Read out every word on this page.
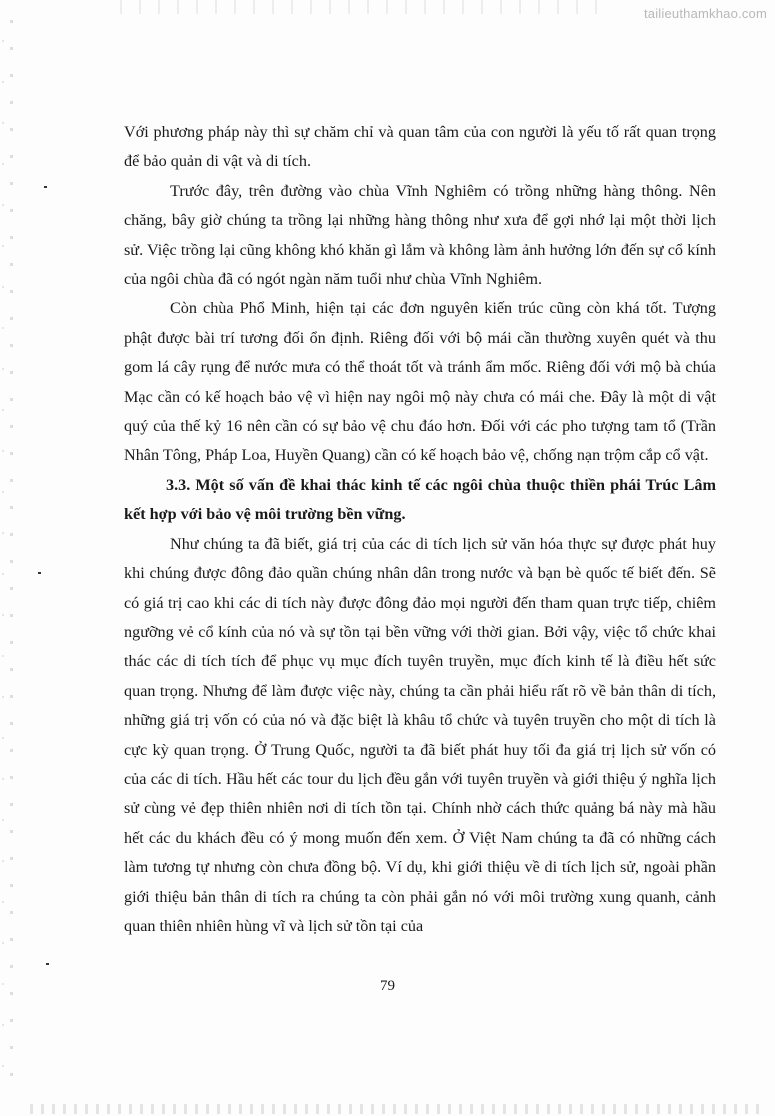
tailieuthamkhao.com

Với phương pháp này thì sự chăm chỉ và quan tâm của con người là yếu tố rất quan trọng để bảo quản di vật và di tích.

Trước đây, trên đường vào chùa Vĩnh Nghiêm có trồng những hàng thông. Nên chăng, bây giờ chúng ta trồng lại những hàng thông như xưa để gợi nhớ lại một thời lịch sử. Việc trồng lại cũng không khó khăn gì lắm và không làm ảnh hưởng lớn đến sự cổ kính của ngôi chùa đã có ngót ngàn năm tuổi như chùa Vĩnh Nghiêm.

Còn chùa Phổ Minh, hiện tại các đơn nguyên kiến trúc cũng còn khá tốt. Tượng phật được bài trí tương đối ổn định. Riêng đối với bộ mái cần thường xuyên quét và thu gom lá cây rụng để nước mưa có thể thoát tốt và tránh ẩm mốc. Riêng đối với mộ bà chúa Mạc cần có kế hoạch bảo vệ vì hiện nay ngôi mộ này chưa có mái che. Đây là một di vật quý của thế kỷ 16 nên cần có sự bảo vệ chu đáo hơn. Đối với các pho tượng tam tổ (Trần Nhân Tông, Pháp Loa, Huyền Quang) cần có kế hoạch bảo vệ, chống nạn trộm cắp cổ vật.

3.3. Một số vấn đề khai thác kinh tế các ngôi chùa thuộc thiền phái Trúc Lâm kết hợp với bảo vệ môi trường bền vững.

Như chúng ta đã biết, giá trị của các di tích lịch sử văn hóa thực sự được phát huy khi chúng được đông đảo quần chúng nhân dân trong nước và bạn bè quốc tế biết đến. Sẽ có giá trị cao khi các di tích này được đông đảo mọi người đến tham quan trực tiếp, chiêm ngưỡng vẻ cổ kính của nó và sự tồn tại bền vững với thời gian. Bởi vậy, việc tổ chức khai thác các di tích tích để phục vụ mục đích tuyên truyền, mục đích kinh tế là điều hết sức quan trọng. Nhưng để làm được việc này, chúng ta cần phải hiểu rất rõ về bản thân di tích, những giá trị vốn có của nó và đặc biệt là khâu tổ chức và tuyên truyền cho một di tích là cực kỳ quan trọng. Ở Trung Quốc, người ta đã biết phát huy tối đa giá trị lịch sử vốn có của các di tích. Hầu hết các tour du lịch đều gắn với tuyên truyền và giới thiệu ý nghĩa lịch sử cùng vẻ đẹp thiên nhiên nơi di tích tồn tại. Chính nhờ cách thức quảng bá này mà hầu hết các du khách đều có ý mong muốn đến xem. Ở Việt Nam chúng ta đã có những cách làm tương tự nhưng còn chưa đồng bộ. Ví dụ, khi giới thiệu về di tích lịch sử, ngoài phần giới thiệu bản thân di tích ra chúng ta còn phải gắn nó với môi trường xung quanh, cảnh quan thiên nhiên hùng vĩ và lịch sử tồn tại của

79
